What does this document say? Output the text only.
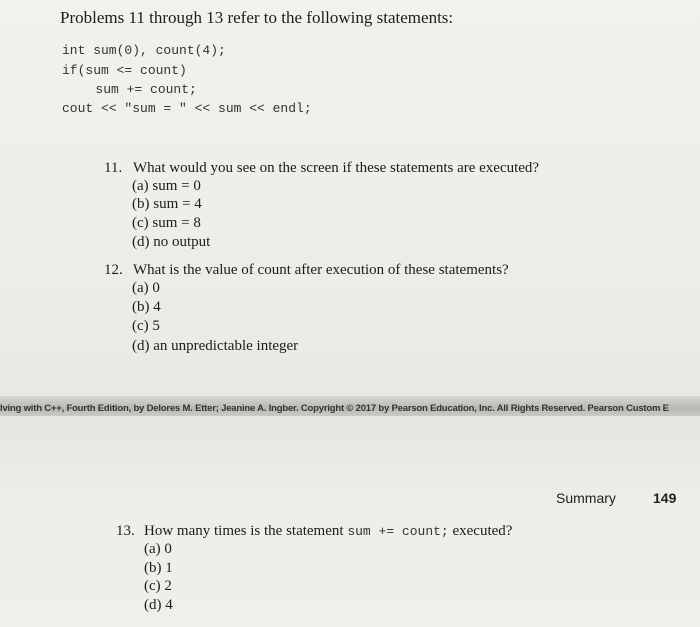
Problems 11 through 13 refer to the following statements:
int sum(0), count(4);
if(sum <= count)
sum += count;
cout << "sum = " << sum << endl;
11. What would you see on the screen if these statements are executed?
(a) sum = 0
(b) sum = 4
(c) sum = 8
(d) no output
12. What is the value of count after execution of these statements?
(a) 0
(b) 4
(c) 5
(d) an unpredictable integer
lving with C++, Fourth Edition, by Delores M. Etter; Jeanine A. Ingber. Copyright © 2017 by Pearson Education, Inc. All Rights Reserved. Pearson Custom E
Summary	149
13. How many times is the statement sum += count; executed?
(a) 0
(b) 1
(c) 2
(d) 4
